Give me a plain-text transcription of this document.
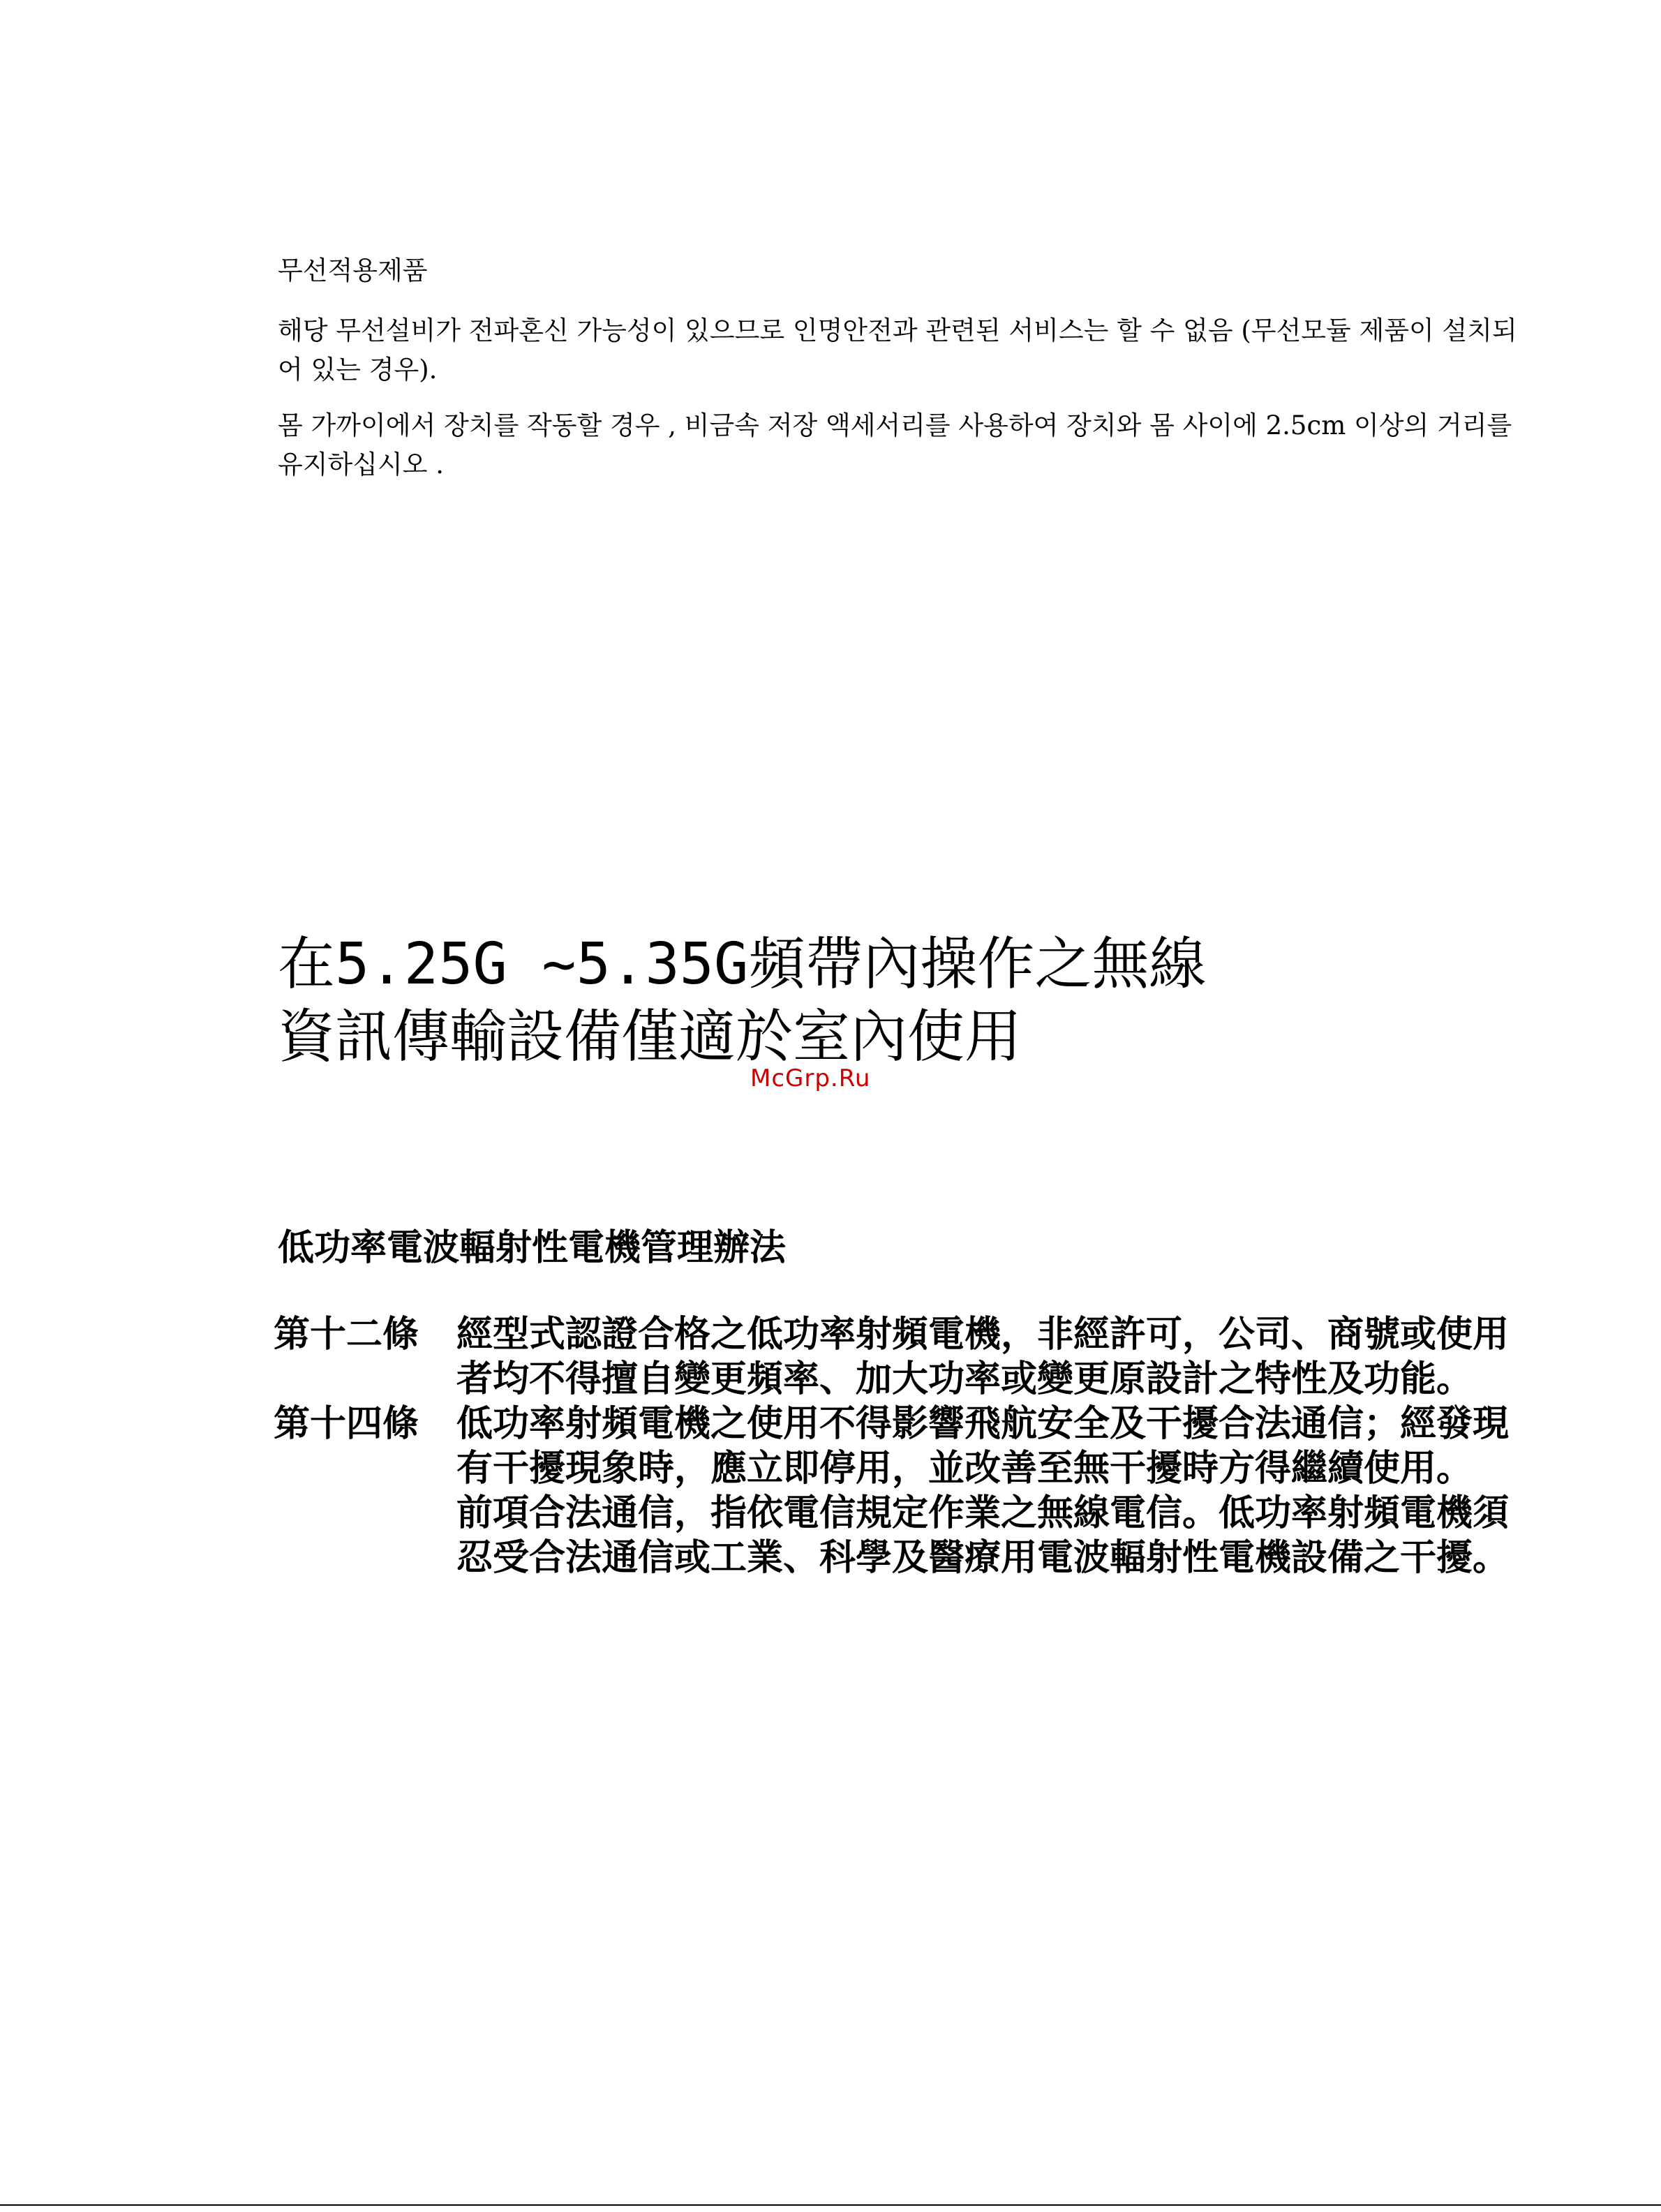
무선적용제품

해당 무선설비가 전파혼신 가능성이 있으므로 인명안전과 관련된 서비스는 할 수 없음 (무선모듈 제품이 설치되어 있는 경우).

몸 가까이에서 장치를 작동할 경우 , 비금속 저장 액세서리를 사용하여 장치와 몸 사이에 2.5cm 이상의 거리를 유지하십시오 .

在5.25G ~5.35G頻帶內操作之無線
資訊傳輸設備僅適於室內使用
McGrp.Ru
低功率電波輻射性電機管理辦法
第十二條	經型式認證合格之低功率射頻電機，非經許可，公司、商號或使用者均不得擅自變更頻率、加大功率或變更原設計之特性及功能。

第十四條	低功率射頻電機之使用不得影響飛航安全及干擾合法通信；經發現有干擾現象時，應立即停用，並改善至無干擾時方得繼續使用。

前項合法通信，指依電信規定作業之無線電信。低功率射頻電機須忍受合法通信或工業、科學及醫療用電波輻射性電機設備之干擾。
